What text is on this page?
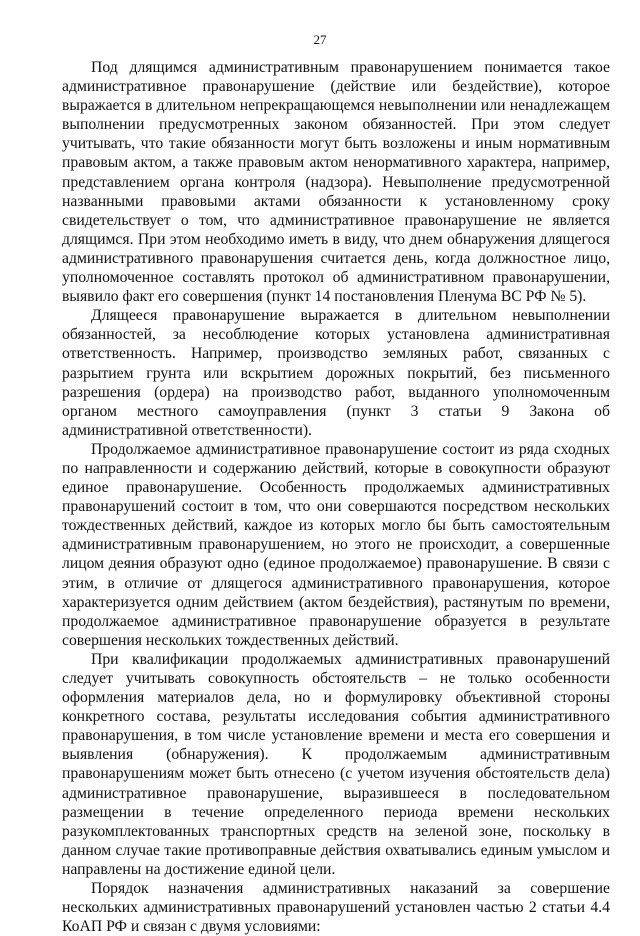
27

Под длящимся административным правонарушением понимается такое административное правонарушение (действие или бездействие), которое выражается в длительном непрекращающемся невыполнении или ненадлежащем выполнении предусмотренных законом обязанностей. При этом следует учитывать, что такие обязанности могут быть возложены и иным нормативным правовым актом, а также правовым актом ненормативного характера, например, представлением органа контроля (надзора). Невыполнение предусмотренной названными правовыми актами обязанности к установленному сроку свидетельствует о том, что административное правонарушение не является длящимся. При этом необходимо иметь в виду, что днем обнаружения длящегося административного правонарушения считается день, когда должностное лицо, уполномоченное составлять протокол об административном правонарушении, выявило факт его совершения (пункт 14 постановления Пленума ВС РФ № 5).

Длящееся правонарушение выражается в длительном невыполнении обязанностей, за несоблюдение которых установлена административная ответственность. Например, производство земляных работ, связанных с разрытием грунта или вскрытием дорожных покрытий, без письменного разрешения (ордера) на производство работ, выданного уполномоченным органом местного самоуправления (пункт 3 статьи 9 Закона об административной ответственности).

Продолжаемое административное правонарушение состоит из ряда сходных по направленности и содержанию действий, которые в совокупности образуют единое правонарушение. Особенность продолжаемых административных правонарушений состоит в том, что они совершаются посредством нескольких тождественных действий, каждое из которых могло бы быть самостоятельным административным правонарушением, но этого не происходит, а совершенные лицом деяния образуют одно (единое продолжаемое) правонарушение. В связи с этим, в отличие от длящегося административного правонарушения, которое характеризуется одним действием (актом бездействия), растянутым по времени, продолжаемое административное правонарушение образуется в результате совершения нескольких тождественных действий.

При квалификации продолжаемых административных правонарушений следует учитывать совокупность обстоятельств – не только особенности оформления материалов дела, но и формулировку объективной стороны конкретного состава, результаты исследования события административного правонарушения, в том числе установление времени и места его совершения и выявления (обнаружения). К продолжаемым административным правонарушениям может быть отнесено (с учетом изучения обстоятельств дела) административное правонарушение, выразившееся в последовательном размещении в течение определенного периода времени нескольких разукомплектованных транспортных средств на зеленой зоне, поскольку в данном случае такие противоправные действия охватывались единым умыслом и направлены на достижение единой цели.

Порядок назначения административных наказаний за совершение нескольких административных правонарушений установлен частью 2 статьи 4.4 КоАП РФ и связан с двумя условиями:
